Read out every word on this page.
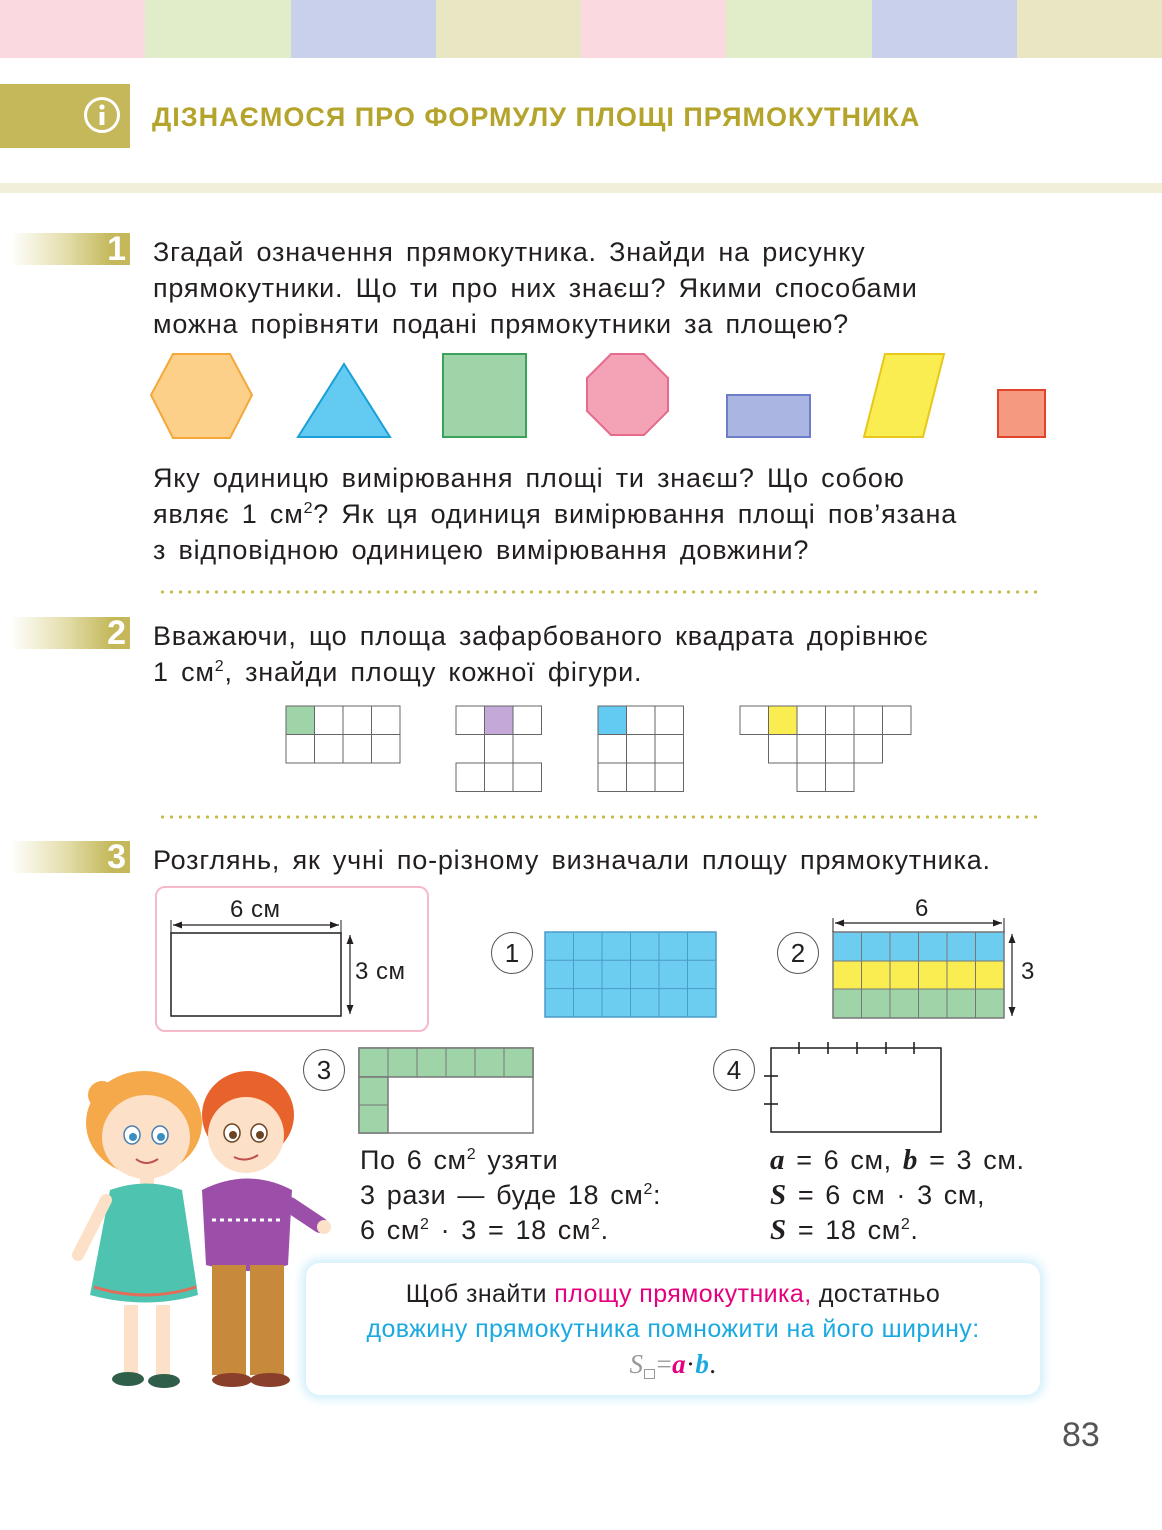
ДІЗНАЄМОСЯ ПРО ФОРМУЛУ ПЛОЩІ ПРЯМОКУТНИКА
1 Згадай означення прямокутника. Знайди на рисунку
прямокутники. Що ти про них знаєш? Якими способами
можна порівняти подані прямокутники за площею?
Яку одиницю вимірювання площі ти знаєш? Що собою
являє 1 $см^2$? Як ця одиниця вимірювання площі пов’язана
з відповідною одиницею вимірювання довжини?
2 Вважаючи, що площа зафарбованого квадрата дорівнює
1 $см^2$, знайди площу кожної фігури.
3 Розглянь, як учні по-різному визначали площу прямокутника.
6 см
3 см
1	2
6
3
3	4
По 6 $см^2$ узяти
3 рази — буде 18 $см^2$:
6 $см^2 \cdot 3 = 18$ $см^2$.
a = 6 см, b = 3 см.
S = 6 см · 3 см,
S = 18 $см^2$.
Щоб знайти площу прямокутника, достатньо
довжину прямокутника помножити на його ширину:
S =a·b.
83
